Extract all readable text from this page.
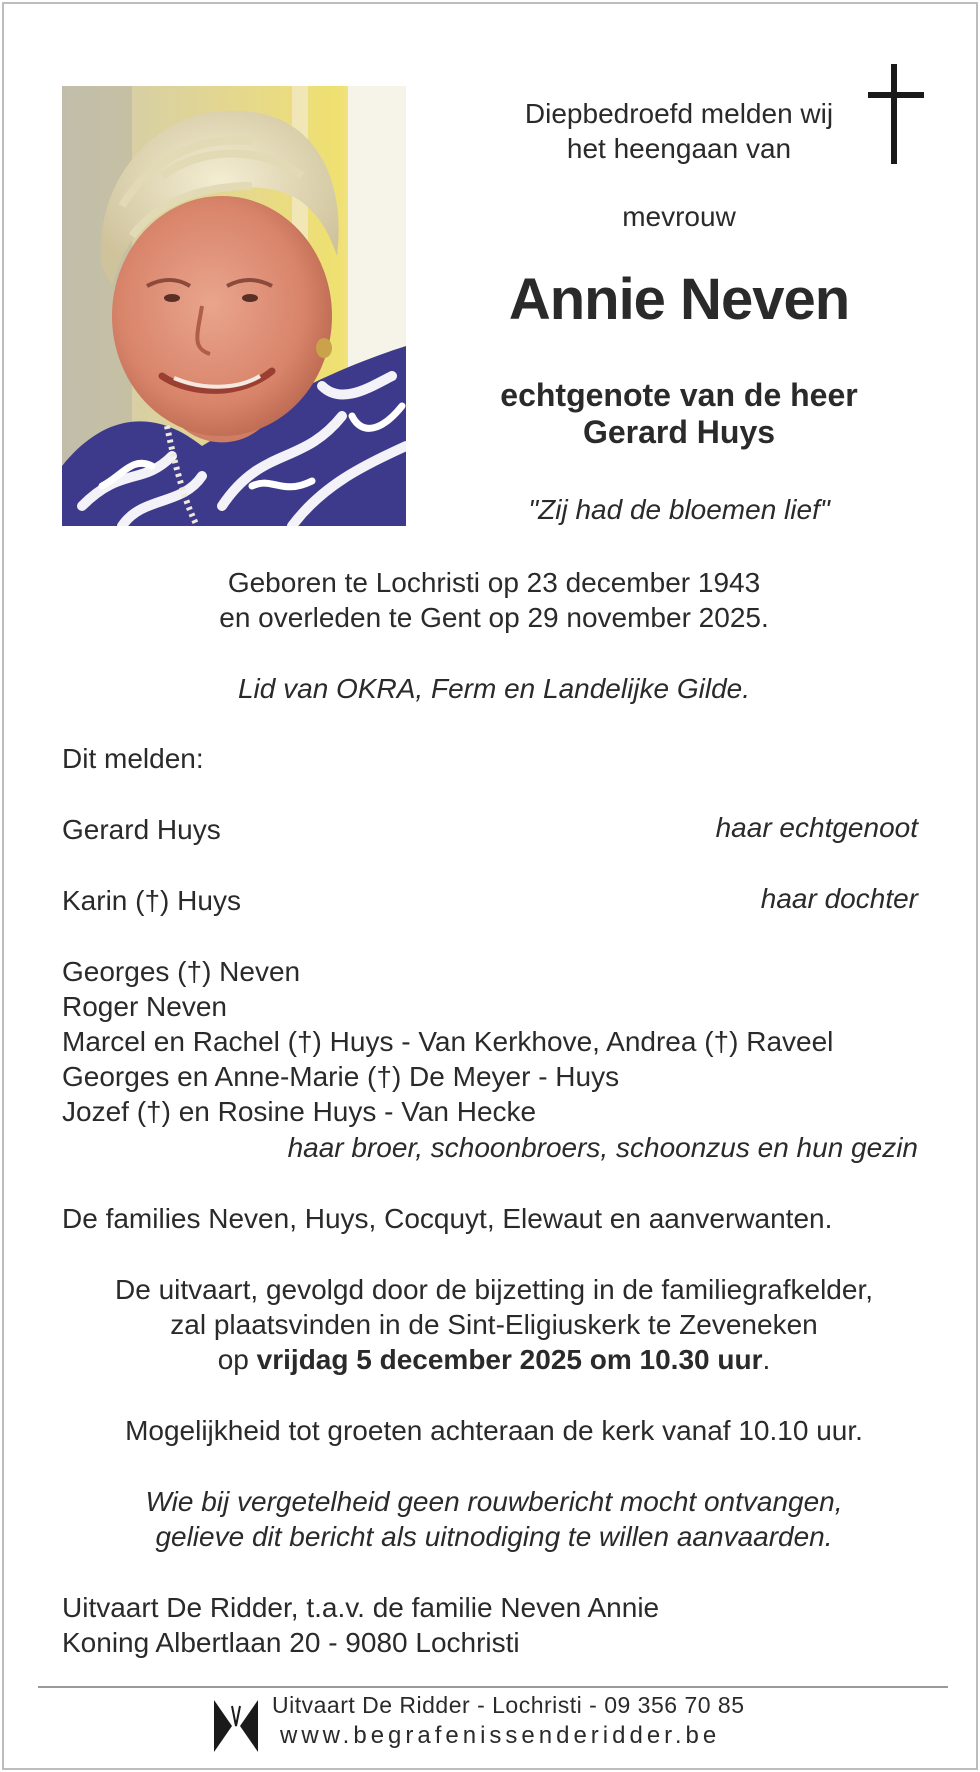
Diepbedroefd melden wij
het heengaan van
mevrouw
Annie Neven
echtgenote van de heer
Gerard Huys
"Zij had de bloemen lief"
Geboren te Lochristi op 23 december 1943
en overleden te Gent op 29 november 2025.
Lid van OKRA, Ferm en Landelijke Gilde.
Dit melden:
Gerard Huys	haar echtgenoot
Karin (†) Huys	haar dochter
Georges (†) Neven
Roger Neven
Marcel en Rachel (†) Huys - Van Kerkhove, Andrea (†) Raveel
Georges en Anne-Marie (†) De Meyer - Huys
Jozef (†) en Rosine Huys - Van Hecke
haar broer, schoonbroers, schoonzus en hun gezin
De families Neven, Huys, Cocquyt, Elewaut en aanverwanten.
De uitvaart, gevolgd door de bijzetting in de familiegrafkelder,
zal plaatsvinden in de Sint-Eligiuskerk te Zeveneken
op vrijdag 5 december 2025 om 10.30 uur.
Mogelijkheid tot groeten achteraan de kerk vanaf 10.10 uur.
Wie bij vergetelheid geen rouwbericht mocht ontvangen,
gelieve dit bericht als uitnodiging te willen aanvaarden.
Uitvaart De Ridder, t.a.v. de familie Neven Annie
Koning Albertlaan 20 - 9080 Lochristi
Uitvaart De Ridder - Lochristi - 09 356 70 85
www.begrafenissenderidder.be
